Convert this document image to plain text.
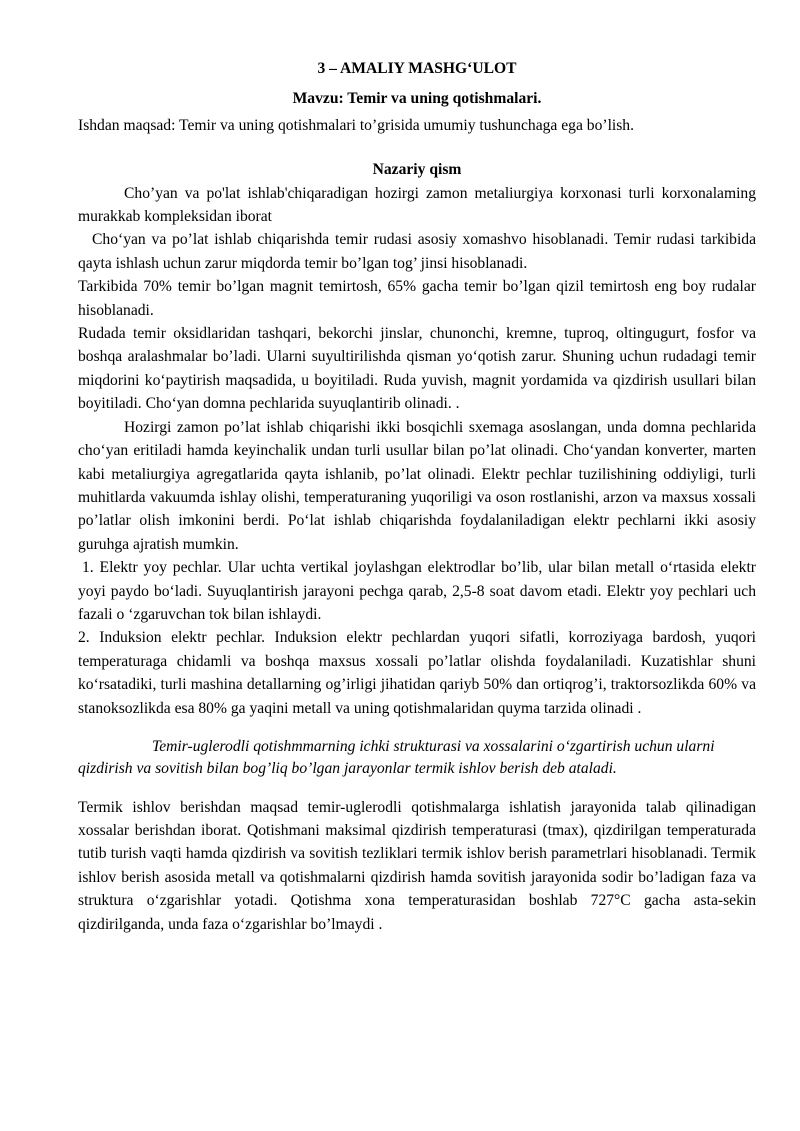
3 – AMALIY MASHG‘ULOT
Mavzu: Temir va uning qotishmalari.

Ishdan maqsad: Temir va uning qotishmalari to’grisida umumiy tushunchaga ega bo’lish.

Nazariy qism

Cho’yan va po'lat ishlab'chiqaradigan hozirgi zamon metaliurgiya korxonasi turli korxonalaming murakkab kompleksidan iborat

Cho‘yan va po’lat ishlab chiqarishda temir rudasi asosiy xomashvo hisoblanadi. Temir rudasi tarkibida qayta ishlash uchun zarur miqdorda temir bo’lgan tog’ jinsi hisoblanadi.

Tarkibida 70% temir bo’lgan magnit temirtosh, 65% gacha temir bo’lgan qizil temirtosh eng boy rudalar hisoblanadi.

Rudada temir oksidlaridan tashqari, bekorchi jinslar, chunonchi, kremne, tuproq, oltingugurt, fosfor va boshqa aralashmalar bo’ladi. Ularni suyultirilishda qisman yo‘qotish zarur. Shuning uchun rudadagi temir miqdorini ko‘paytirish maqsadida, u boyitiladi. Ruda yuvish, magnit yordamida va qizdirish usullari bilan boyitiladi. Cho‘yan domna pechlarida suyuqlantirib olinadi. .

Hozirgi zamon po’lat ishlab chiqarishi ikki bosqichli sxemaga asoslangan, unda domna pechlarida cho‘yan eritiladi hamda keyinchalik undan turli usullar bilan po’lat olinadi. Cho‘yandan konverter, marten kabi metaliurgiya agregatlarida qayta ishlanib, po’lat olinadi. Elektr pechlar tuzilishining oddiyligi, turli muhitlarda vakuumda ishlay olishi, temperaturaning yuqoriligi va oson rostlanishi, arzon va maxsus xossali po’latlar olish imkonini berdi. Po‘lat ishlab chiqarishda foydalaniladigan elektr pechlarni ikki asosiy guruhga ajratish mumkin.

1. Elektr yoy pechlar. Ular uchta vertikal joylashgan elektrodlar bo’lib, ular bilan metall o‘rtasida elektr yoyi paydo bo‘ladi. Suyuqlantirish jarayoni pechga qarab, 2,5-8 soat davom etadi. Elektr yoy pechlari uch fazali o ‘zgaruvchan tok bilan ishlaydi.

2. Induksion elektr pechlar. Induksion elektr pechlardan yuqori sifatli, korroziyaga bardosh, yuqori temperaturaga chidamli va boshqa maxsus xossali po’latlar olishda foydalaniladi. Kuzatishlar shuni ko‘rsatadiki, turli mashina detallarning og’irligi jihatidan qariyb 50% dan ortiqrog’i, traktorsozlikda 60% va stanoksozlikda esa 80% ga yaqini metall va uning qotishmalaridan quyma tarzida olinadi .

Temir-uglerodli qotishmmarning ichki strukturasi va xossalarini o‘zgartirish uchun ularni qizdirish va sovitish bilan bog’liq bo’lgan jarayonlar termik ishlov berish deb ataladi.

Termik ishlov berishdan maqsad temir-uglerodli qotishmalarga ishlatish jarayonida talab qilinadigan xossalar berishdan iborat. Qotishmani maksimal qizdirish temperaturasi (tmax), qizdirilgan temperaturada tutib turish vaqti hamda qizdirish va sovitish tezliklari termik ishlov berish parametrlari hisoblanadi. Termik ishlov berish asosida metall va qotishmalarni qizdirish hamda sovitish jarayonida sodir bo’ladigan faza va struktura o‘zgarishlar yotadi. Qotishma xona temperaturasidan boshlab 727°C gacha asta-sekin qizdirilganda, unda faza o‘zgarishlar bo’lmaydi .
